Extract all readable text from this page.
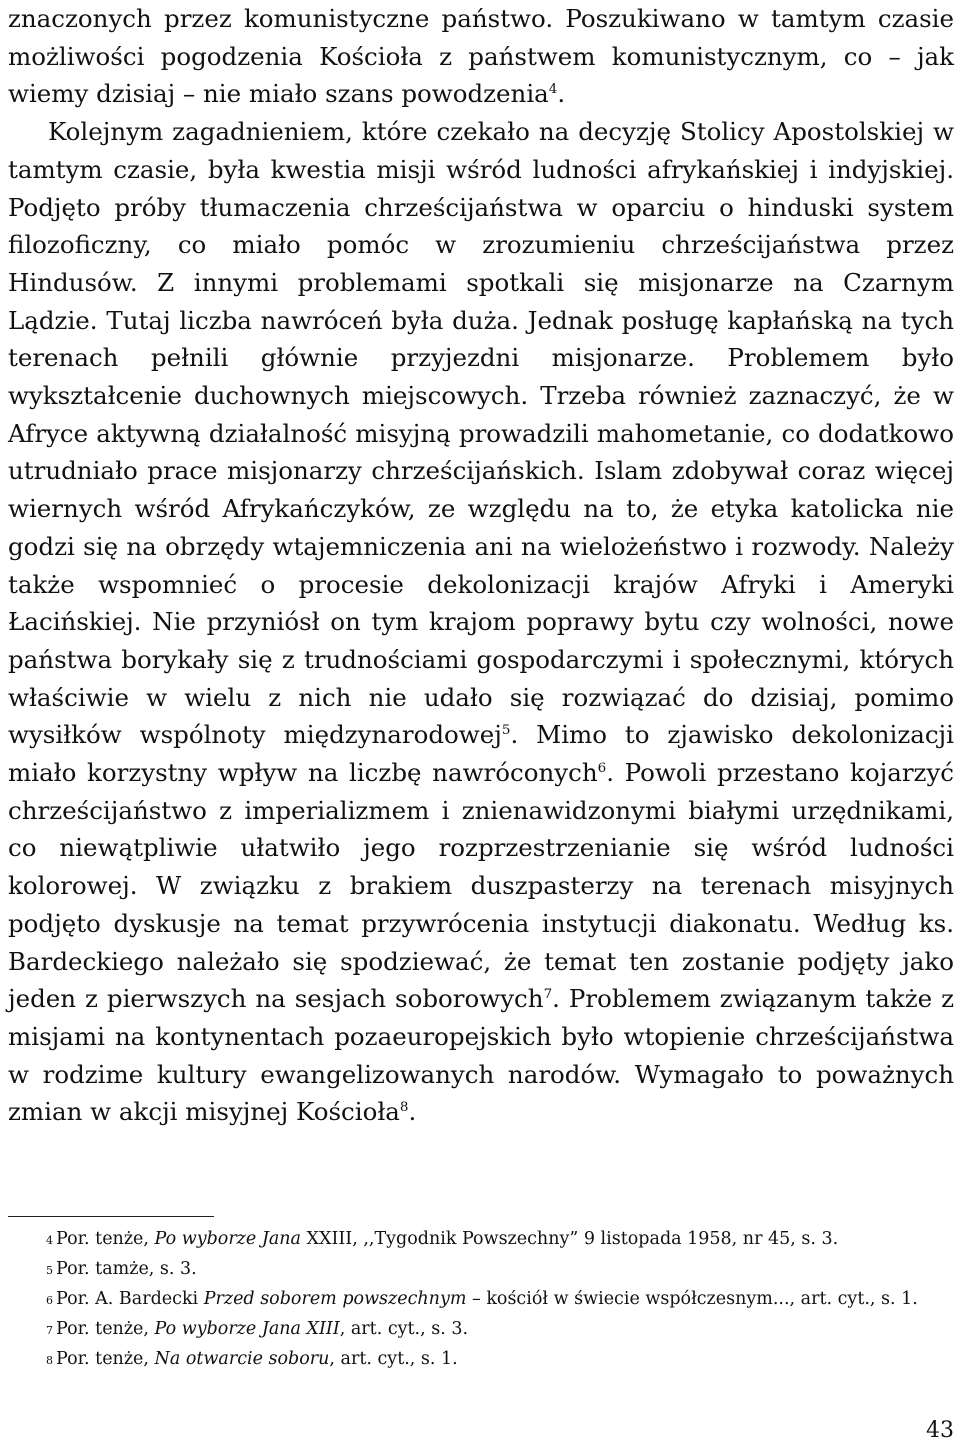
znaczonych przez komunistyczne państwo. Poszukiwano w tamtym czasie możliwości pogodzenia Kościoła z państwem komunistycznym, co – jak wiemy dzisiaj – nie miało szans powodzenia$^4$.

Kolejnym zagadnieniem, które czekało na decyzję Stolicy Apostolskiej w tamtym czasie, była kwestia misji wśród ludności afrykańskiej i indyjskiej. Podjęto próby tłumaczenia chrześcijaństwa w oparciu o hinduski system filozoficzny, co miało pomóc w zrozumieniu chrześcijaństwa przez Hindusów. Z innymi problemami spotkali się misjonarze na Czarnym Lądzie. Tutaj liczba nawróceń była duża. Jednak posługę kapłańską na tych terenach pełnili głównie przyjezdni misjonarze. Problemem było wykształcenie duchownych miejscowych. Trzeba również zaznaczyć, że w Afryce aktywną działalność misyjną prowadzili mahometanie, co dodatkowo utrudniało prace misjonarzy chrześcijańskich. Islam zdobywał coraz więcej wiernych wśród Afrykańczyków, ze względu na to, że etyka katolicka nie godzi się na obrzędy wtajemniczenia ani na wielożeństwo i rozwody. Należy także wspomnieć o procesie dekolonizacji krajów Afryki i Ameryki Łacińskiej. Nie przyniósł on tym krajom poprawy bytu czy wolności, nowe państwa borykały się z trudnościami gospodarczymi i społecznymi, których właściwie w wielu z nich nie udało się rozwiązać do dzisiaj, pomimo wysiłków wspólnoty międzynarodowej$^5$. Mimo to zjawisko dekolonizacji miało korzystny wpływ na liczbę nawróconych$^6$. Powoli przestano kojarzyć chrześcijaństwo z imperializmem i znienawidzonymi białymi urzędnikami, co niewątpliwie ułatwiło jego rozprzestrzenianie się wśród ludności kolorowej. W związku z brakiem duszpasterzy na terenach misyjnych podjęto dyskusje na temat przywrócenia instytucji diakonatu. Według ks. Bardeckiego należało się spodziewać, że temat ten zostanie podjęty jako jeden z pierwszych na sesjach soborowych$^7$. Problemem związanym także z misjami na kontynentach pozaeuropejskich było wtopienie chrześcijaństwa w rodzime kultury ewangelizowanych narodów. Wymagało to poważnych zmian w akcji misyjnej Kościoła$^8$.

$^4$ Por. tenże, Po wyborze Jana XXIII, ,,Tygodnik Powszechny” 9 listopada 1958, nr 45, s. 3.
$^5$ Por. tamże, s. 3.
$^6$ Por. A. Bardecki Przed soborem powszechnym – kościół w świecie współczesnym..., art. cyt., s. 1.
$^7$ Por. tenże, Po wyborze Jana XIII, art. cyt., s. 3.
$^8$ Por. tenże, Na otwarcie soboru, art. cyt., s. 1.
43
